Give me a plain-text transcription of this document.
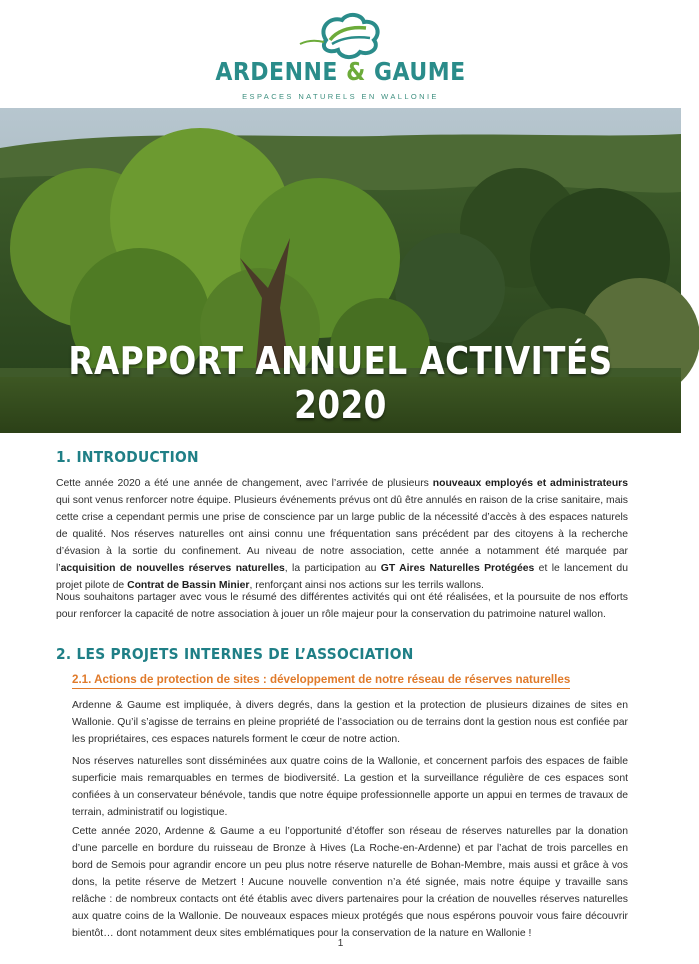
ARDENNE & GAUME
ESPACES NATURELS EN WALLONIE
© Peggy Schillemans
RAPPORT ANNUEL ACTIVITÉS 2020
1. INTRODUCTION
Cette année 2020 a été une année de changement, avec l’arrivée de plusieurs nouveaux employés et administrateurs qui sont venus renforcer notre équipe. Plusieurs événements prévus ont dû être annulés en raison de la crise sanitaire, mais cette crise a cependant permis une prise de conscience par un large public de la nécessité d’accès à des espaces naturels de qualité. Nos réserves naturelles ont ainsi connu une fréquentation sans précédent par des citoyens à la recherche d’évasion à la sortie du confinement. Au niveau de notre association, cette année a notamment été marquée par l’acquisition de nouvelles réserves naturelles, la participation au GT Aires Naturelles Protégées et le lancement du projet pilote de Contrat de Bassin Minier, renforçant ainsi nos actions sur les terrils wallons.
Nous souhaitons partager avec vous le résumé des différentes activités qui ont été réalisées, et la poursuite de nos efforts pour renforcer la capacité de notre association à jouer un rôle majeur pour la conservation du patrimoine naturel wallon.
2. LES PROJETS INTERNES DE L’ASSOCIATION
2.1. Actions de protection de sites : développement de notre réseau de réserves naturelles
Ardenne & Gaume est impliquée, à divers degrés, dans la gestion et la protection de plusieurs dizaines de sites en Wallonie. Qu’il s’agisse de terrains en pleine propriété de l’association ou de terrains dont la gestion nous est confiée par les propriétaires, ces espaces naturels forment le cœur de notre action.
Nos réserves naturelles sont disséminées aux quatre coins de la Wallonie, et concernent parfois des espaces de faible superficie mais remarquables en termes de biodiversité. La gestion et la surveillance régulière de ces espaces sont confiées à un conservateur bénévole, tandis que notre équipe professionnelle apporte un appui en termes de travaux de terrain, administratif ou logistique.
Cette année 2020, Ardenne & Gaume a eu l’opportunité d’étoffer son réseau de réserves naturelles par la donation d’une parcelle en bordure du ruisseau de Bronze à Hives (La Roche-en-Ardenne) et par l’achat de trois parcelles en bord de Semois pour agrandir encore un peu plus notre réserve naturelle de Bohan-Membre, mais aussi et grâce à vos dons, la petite réserve de Metzert ! Aucune nouvelle convention n’a été signée, mais notre équipe y travaille sans relâche : de nombreux contacts ont été établis avec divers partenaires pour la création de nouvelles réserves naturelles aux quatre coins de la Wallonie. De nouveaux espaces mieux protégés que nous espérons pouvoir vous faire découvrir bientôt… dont notamment deux sites emblématiques pour la conservation de la nature en Wallonie !
1
